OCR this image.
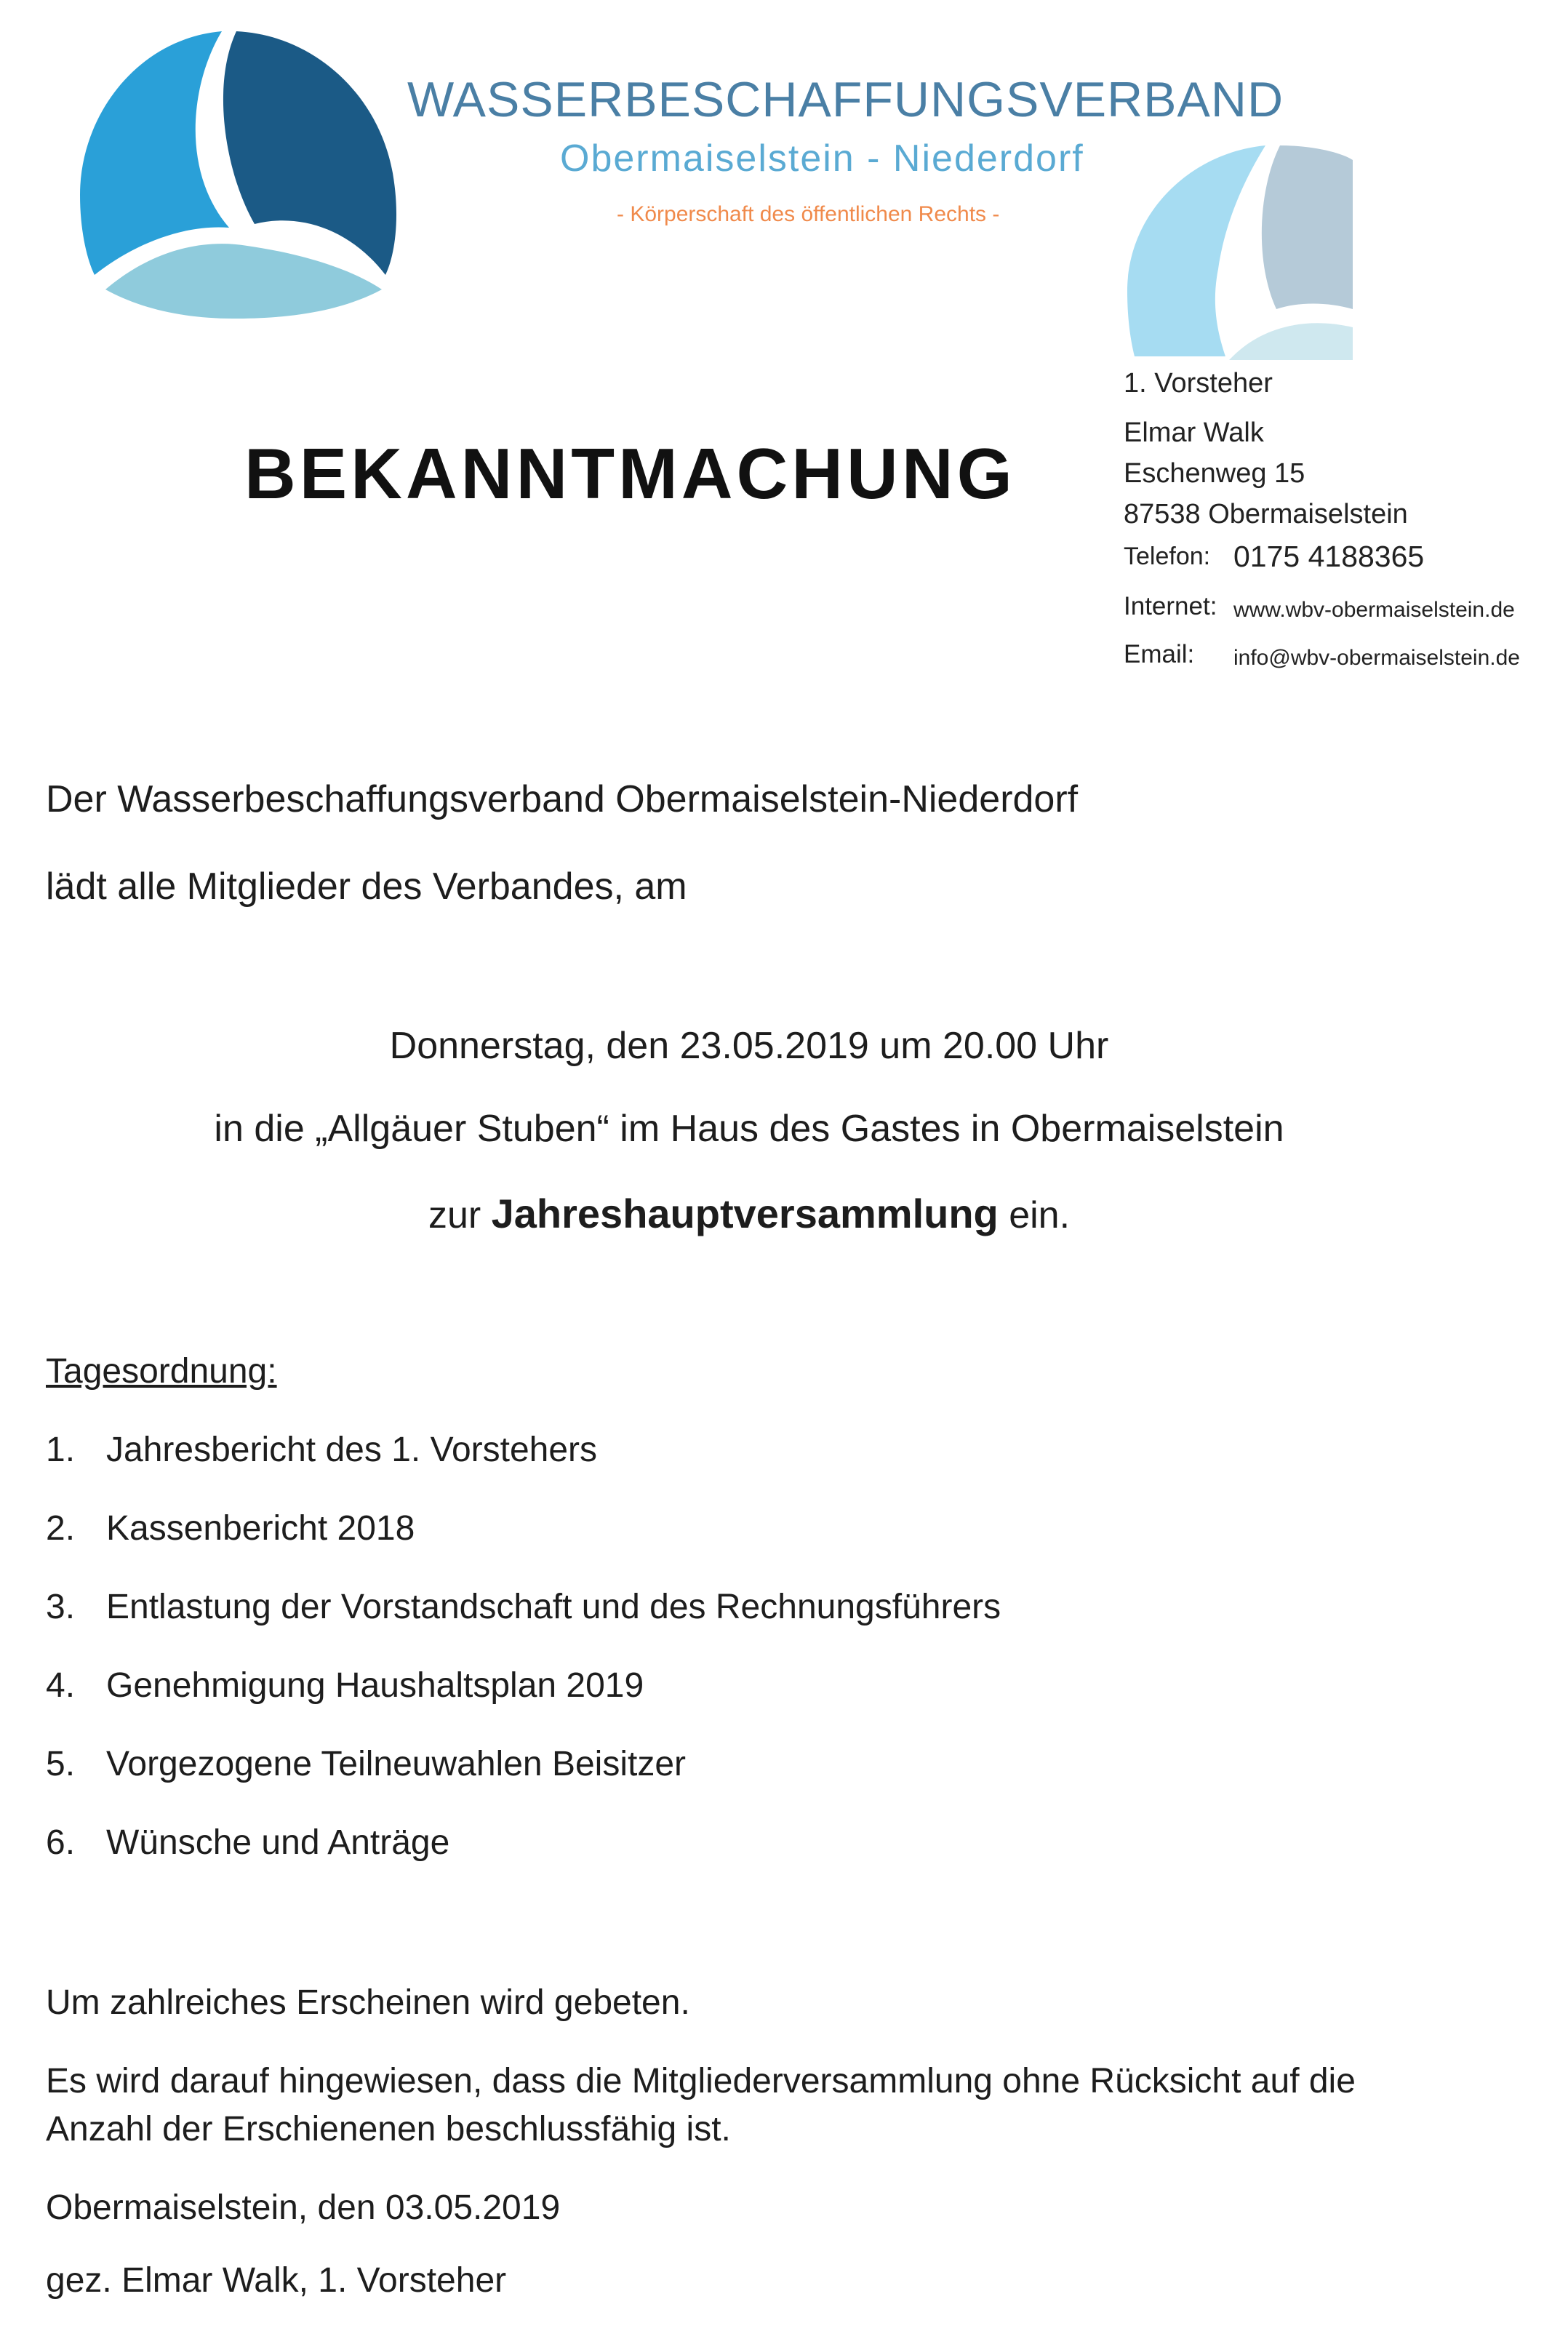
WASSERBESCHAFFUNGSVERBAND
Obermaiselstein - Niederdorf
- Körperschaft des öffentlichen Rechts -
BEKANNTMACHUNG
1. Vorsteher
Elmar Walk
Eschenweg 15
87538 Obermaiselstein
Telefon: 0175 4188365
Internet: www.wbv-obermaiselstein.de
Email: info@wbv-obermaiselstein.de
Der Wasserbeschaffungsverband Obermaiselstein-Niederdorf
lädt alle Mitglieder des Verbandes, am
Donnerstag, den 23.05.2019 um 20.00 Uhr
in die „Allgäuer Stuben“ im Haus des Gastes in Obermaiselstein
zur Jahreshauptversammlung ein.
Tagesordnung:
1. Jahresbericht des 1. Vorstehers
2. Kassenbericht 2018
3. Entlastung der Vorstandschaft und des Rechnungsführers
4. Genehmigung Haushaltsplan 2019
5. Vorgezogene Teilneuwahlen Beisitzer
6. Wünsche und Anträge
Um zahlreiches Erscheinen wird gebeten.
Es wird darauf hingewiesen, dass die Mitgliederversammlung ohne Rücksicht auf die
Anzahl der Erschienenen beschlussfähig ist.
Obermaiselstein, den 03.05.2019
gez. Elmar Walk, 1. Vorsteher
